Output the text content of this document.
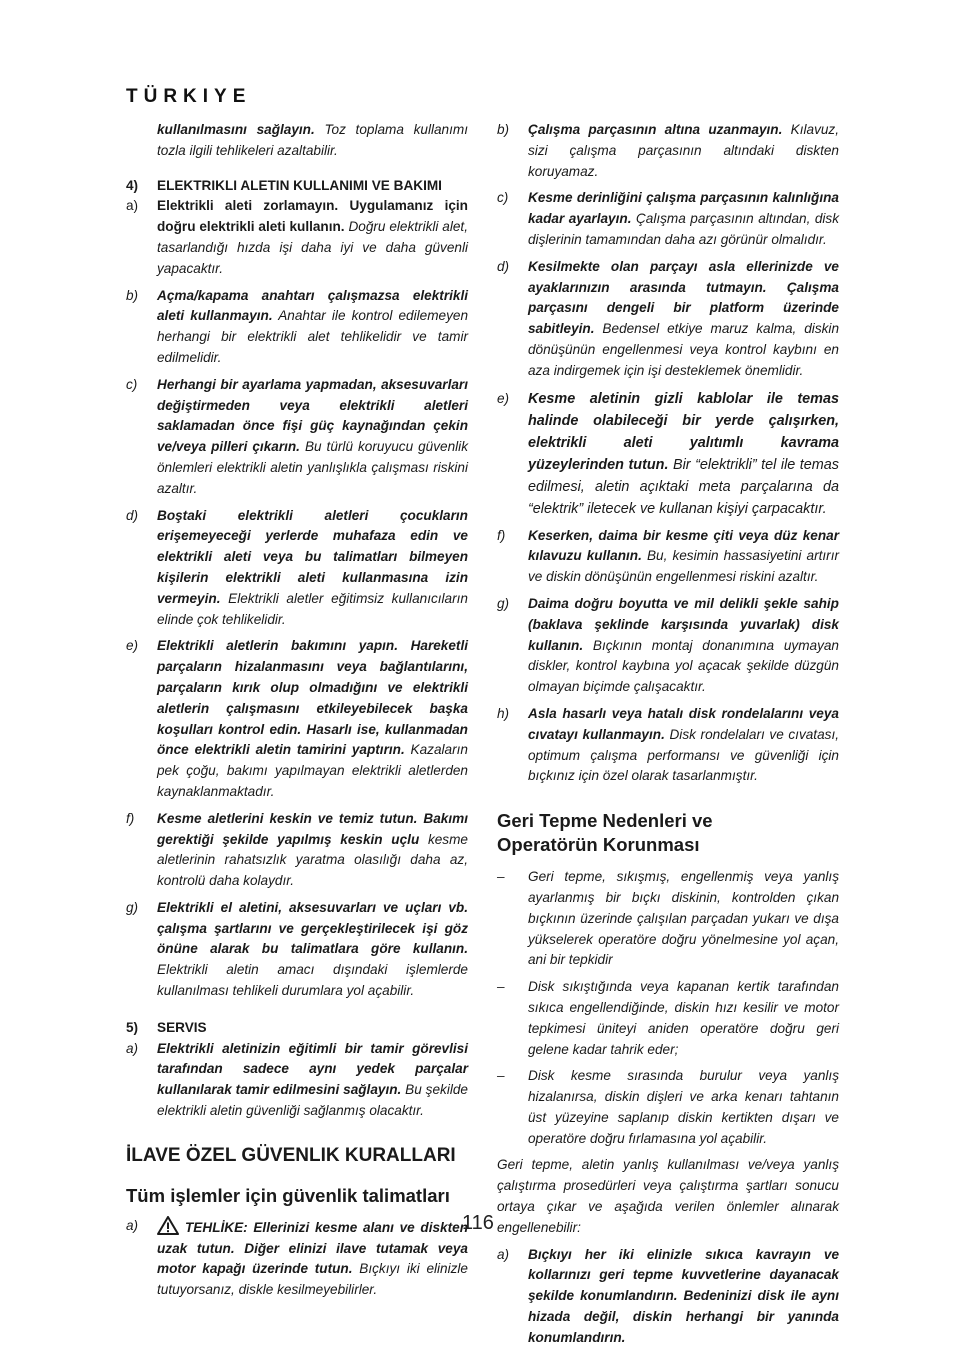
TÜRKIYE
kullanılmasını sağlayın. Toz toplama kullanımı tozla ilgili tehlikeleri azaltabilir.
4) ELEKTRIKLI ALETIN KULLANIMI VE BAKIMI
a) Elektrikli aleti zorlamayın. Uygulamanız için doğru elektrikli aleti kullanın. Doğru elektrikli alet, tasarlandığı hızda işi daha iyi ve daha güvenli yapacaktır.
b) Açma/kapama anahtarı çalışmazsa elektrikli aleti kullanmayın. Anahtar ile kontrol edilemeyen herhangi bir elektrikli alet tehlikelidir ve tamir edilmelidir.
c) Herhangi bir ayarlama yapmadan, aksesuvarları değiştirmeden veya elektrikli aletleri saklamadan önce fişi güç kaynağından çekin ve/veya pilleri çıkarın. Bu türlü koruyucu güvenlik önlemleri elektrikli aletin yanlışlıkla çalışması riskini azaltır.
d) Boştaki elektrikli aletleri çocukların erişemeyeceği yerlerde muhafaza edin ve elektrikli aleti veya bu talimatları bilmeyen kişilerin elektrikli aleti kullanmasına izin vermeyin. Elektrikli aletler eğitimsiz kullanıcıların elinde çok tehlikelidir.
e) Elektrikli aletlerin bakımını yapın. Hareketli parçaların hizalanmasını veya bağlantılarını, parçaların kırık olup olmadığını ve elektrikli aletlerin çalışmasını etkileyebilecek başka koşulları kontrol edin. Hasarlı ise, kullanmadan önce elektrikli aletin tamirini yaptırın. Kazaların pek çoğu, bakımı yapılmayan elektrikli aletlerden kaynaklanmaktadır.
f) Kesme aletlerini keskin ve temiz tutun. Bakımı gerektiği şekilde yapılmış keskin uçlu kesme aletlerinin rahatsızlık yaratma olasılığı daha az, kontrolü daha kolaydır.
g) Elektrikli el aletini, aksesuvarları ve uçları vb. çalışma şartlarını ve gerçekleştirilecek işi göz önüne alarak bu talimatlara göre kullanın. Elektrikli aletin amacı dışındaki işlemlerde kullanılması tehlikeli durumlara yol açabilir.
5) SERVIS
a) Elektrikli aletinizin eğitimli bir tamir görevlisi tarafından sadece aynı yedek parçalar kullanılarak tamir edilmesini sağlayın. Bu şekilde elektrikli aletin güvenliği sağlanmış olacaktır.
İLAVE ÖZEL GÜVENLIK KURALLARI
Tüm işlemler için güvenlik talimatları
a)	TEHLİKE: Ellerinizi kesme alanı ve diskten uzak tutun. Diğer elinizi ilave tutamak veya motor kapağı üzerinde tutun. Bıçkıyı iki elinizle tutuyorsanız, diskle kesilmeyebilirler.
b) Çalışma parçasının altına uzanmayın. Kılavuz, sizi çalışma parçasının altındaki diskten koruyamaz.
c) Kesme derinliğini çalışma parçasının kalınlığına kadar ayarlayın. Çalışma parçasının altından, disk dişlerinin tamamından daha azı görünür olmalıdır.
d) Kesilmekte olan parçayı asla ellerinizde ve ayaklarınızın arasında tutmayın. Çalışma parçasını dengeli bir platform üzerinde sabitleyin. Bedensel etkiye maruz kalma, diskin dönüşünün engellenmesi veya kontrol kaybını en aza indirgemek için işi desteklemek önemlidir.
e) Kesme aletinin gizli kablolar ile temas halinde olabileceği bir yerde çalışırken, elektrikli aleti yalıtımlı kavrama yüzeylerinden tutun. Bir “elektrikli” tel ile temas edilmesi, aletin açıktaki meta parçalarına da “elektrik” iletecek ve kullanan kişiyi çarpacaktır.
f) Keserken, daima bir kesme çiti veya düz kenar kılavuzu kullanın. Bu, kesimin hassasiyetini artırır ve diskin dönüşünün engellenmesi riskini azaltır.
g) Daima doğru boyutta ve mil delikli şekle sahip (baklava şeklinde karşısında yuvarlak) disk kullanın. Bıçkının montaj donanımına uymayan diskler, kontrol kaybına yol açacak şekilde düzgün olmayan biçimde çalışacaktır.
h) Asla hasarlı veya hatalı disk rondelalarını veya cıvatayı kullanmayın. Disk rondelaları ve cıvatası, optimum çalışma performansı ve güvenliği için bıçkınız için özel olarak tasarlanmıştır.
Geri Tepme Nedenleri ve Operatörün Korunması
– Geri tepme, sıkışmış, engellenmiş veya yanlış ayarlanmış bir bıçkı diskinin, kontrolden çıkan bıçkının üzerinde çalışılan parçadan yukarı ve dışa yükselerek operatöre doğru yönelmesine yol açan, ani bir tepkidir
– Disk sıkıştığında veya kapanan kertik tarafından sıkıca engellendiğinde, diskin hızı kesilir ve motor tepkimesi üniteyi aniden operatöre doğru geri gelene kadar tahrik eder;
– Disk kesme sırasında burulur veya yanlış hizalanırsa, diskin dişleri ve arka kenarı tahtanın üst yüzeyine saplanıp diskin kertikten dışarı ve operatöre doğru fırlamasına yol açabilir.
Geri tepme, aletin yanlış kullanılması ve/veya yanlış çalıştırma prosedürleri veya çalıştırma şartları sonucu ortaya çıkar ve aşağıda verilen önlemler alınarak engellenebilir:
a) Bıçkıyı her iki elinizle sıkıca kavrayın ve kollarınızı geri tepme kuvvetlerine dayanacak şekilde konumlandırın. Bedeninizi disk ile aynı hizada değil, diskin herhangi bir yanında konumlandırın.
116
